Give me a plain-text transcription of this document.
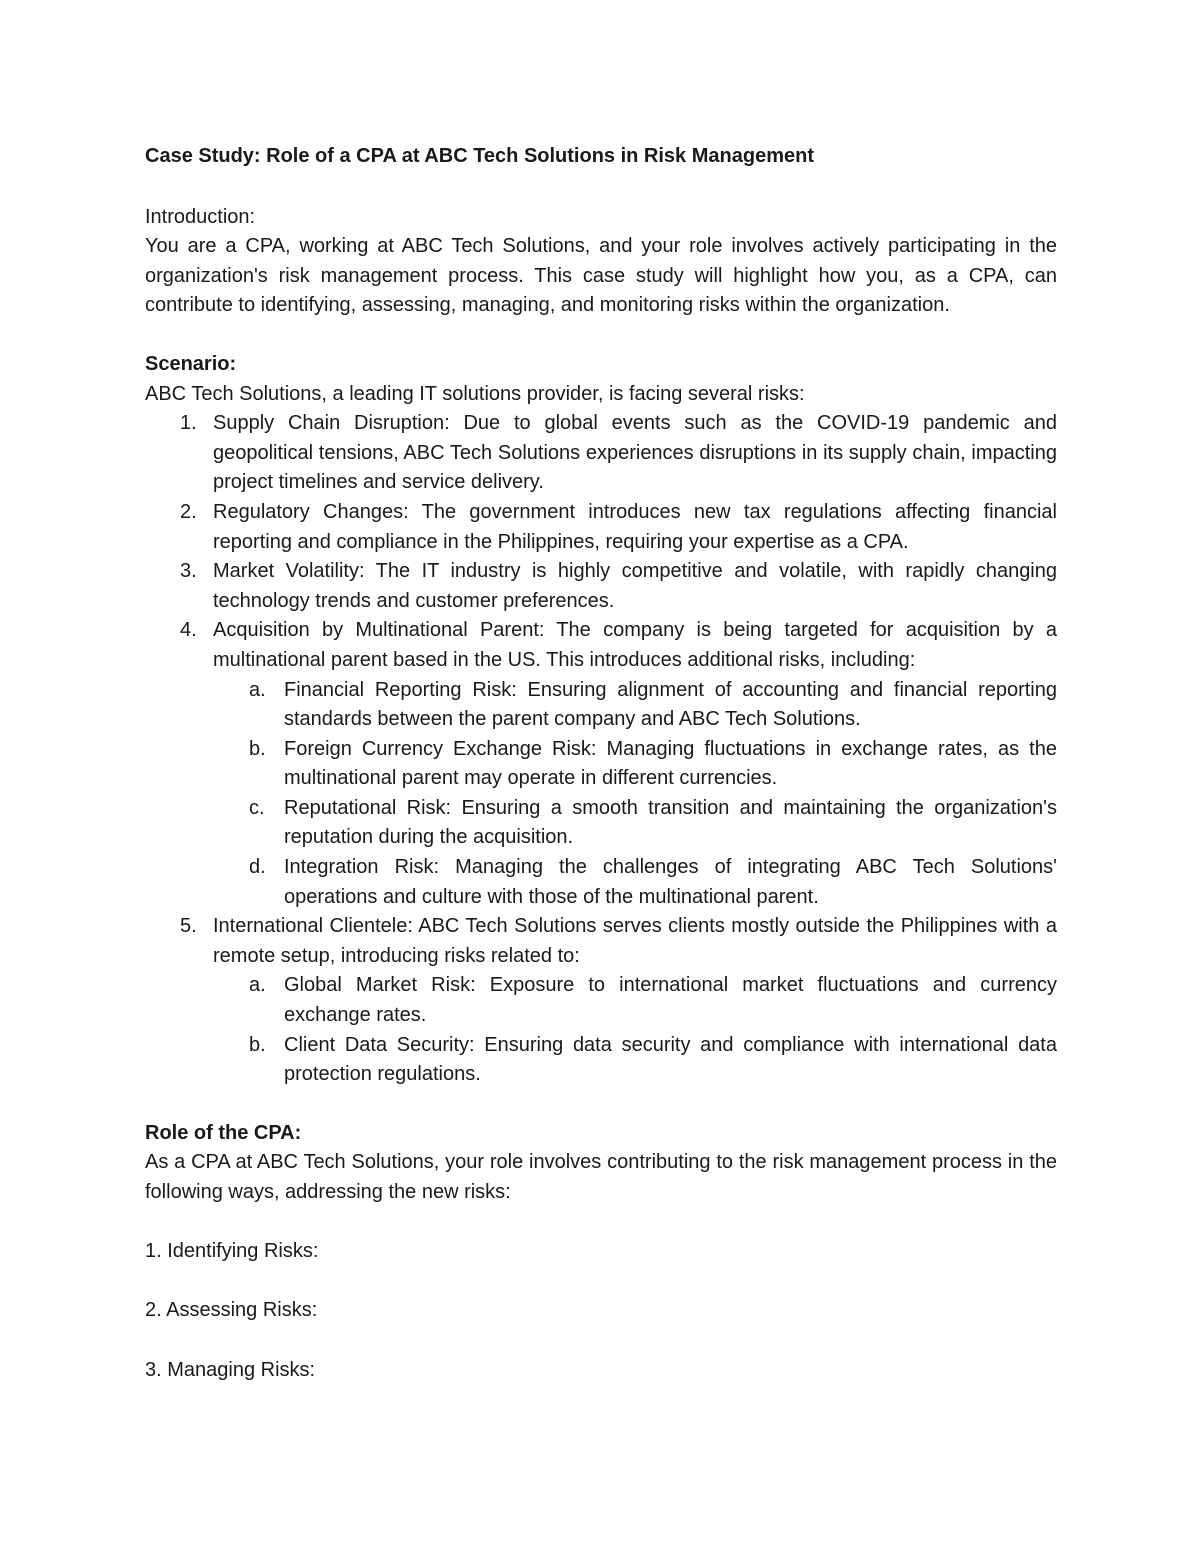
Case Study: Role of a CPA at ABC Tech Solutions in Risk Management

Introduction:

You are a CPA, working at ABC Tech Solutions, and your role involves actively participating in the organization's risk management process. This case study will highlight how you, as a CPA, can contribute to identifying, assessing, managing, and monitoring risks within the organization.

Scenario:

ABC Tech Solutions, a leading IT solutions provider, is facing several risks:

1. Supply Chain Disruption: Due to global events such as the COVID-19 pandemic and geopolitical tensions, ABC Tech Solutions experiences disruptions in its supply chain, impacting project timelines and service delivery.
2. Regulatory Changes: The government introduces new tax regulations affecting financial reporting and compliance in the Philippines, requiring your expertise as a CPA.
3. Market Volatility: The IT industry is highly competitive and volatile, with rapidly changing technology trends and customer preferences.
4. Acquisition by Multinational Parent: The company is being targeted for acquisition by a multinational parent based in the US. This introduces additional risks, including:
a. Financial Reporting Risk: Ensuring alignment of accounting and financial reporting standards between the parent company and ABC Tech Solutions.
b. Foreign Currency Exchange Risk: Managing fluctuations in exchange rates, as the multinational parent may operate in different currencies.
c. Reputational Risk: Ensuring a smooth transition and maintaining the organization's reputation during the acquisition.
d. Integration Risk: Managing the challenges of integrating ABC Tech Solutions' operations and culture with those of the multinational parent.
5. International Clientele: ABC Tech Solutions serves clients mostly outside the Philippines with a remote setup, introducing risks related to:
a. Global Market Risk: Exposure to international market fluctuations and currency exchange rates.
b. Client Data Security: Ensuring data security and compliance with international data protection regulations.

Role of the CPA:

As a CPA at ABC Tech Solutions, your role involves contributing to the risk management process in the following ways, addressing the new risks:

1. Identifying Risks:

2. Assessing Risks:

3. Managing Risks:
